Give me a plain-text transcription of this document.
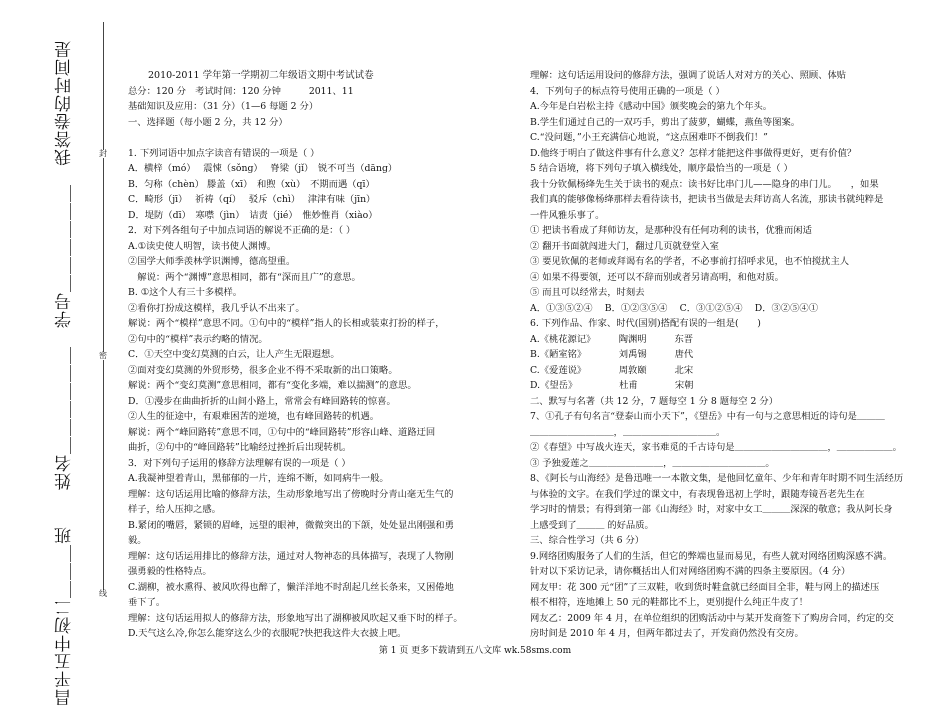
封
密
线
昌平五中初二＿＿＿班　　姓名＿＿＿＿＿＿　学号＿＿＿＿＿＿　我答卷的时间是	2010-2011 学年第一学期初二年级语文期中考试试卷
总分：120 分　考试时间：120 分钟　　　2011、11
基础知识及应用：（31 分）（1—6 每题 2 分）
一、选择题（每小题 2 分，共 12 分）
1. 下列词语中加点字读音有错误的一项是（ ）
A．横梓（mó）　 震悚（sǒng）　 脊梁（jǐ）　锐不可当（dāng）
B．匀称（chèn） 滕盖（xī）　和煦（xù）　不期而遇（qī）
C．畸形（jī）　 祈祷（qí）　 驳斥（chì）　 津津有味（jīn）
D．堤防（dī）　寒噤（jìn）　诘责（jié）　惟妙惟肖（xiào）
2．对下列各组句子中加点词语的解说不正确的是：（ ）
A.①读史使人明智，读书使人渊博。
②国学大师季羡林学识渊博，德高望重。
　解说：两个“渊博”意思相同，都有“深而且广”的意思。
B. ①这个人有三十多模样。
②看你打扮成这模样，我几乎认不出来了。
解说：两个“模样”意思不同。①句中的“模样”指人的长相或装束打扮的样子，
②句中的“模样”表示约略的情况。
C．①天空中变幻莫测的白云，让人产生无限遐想。
②面对变幻莫测的外贸形势，很多企业不得不采取新的出口策略。
解说：两个“变幻莫测”意思相同，都有“变化多端，难以揣测”的意思。
D．①漫步在曲曲折折的山间小路上，常常会有峰回路转的惊喜。
②人生的征途中，有艰难困苦的逆境，也有峰回路转的机遇。
解说：两个“峰回路转”意思不同，①句中的“峰回路转”形容山峰、道路迂回
曲折，②句中的“峰回路转”比喻经过挫折后出现转机。
3．对下列句子运用的修辞方法理解有误的一项是（ ）
A.我凝神望着青山，黑郁郁的一片，连绵不断，如同病牛一般。
理解：这句话运用比喻的修辞方法，生动形象地写出了傍晚时分青山毫无生气的
样子，给人压抑之感。
B.紧闭的嘴唇，紧锁的眉峰，远望的眼神，微微突出的下颌，处处显出刚强和勇
毅。
理解：这句话运用排比的修辞方法，通过对人物神态的具体描写，表现了人物刚
强勇毅的性格特点。
C.湖柳，被水熏得、被风吹得也醉了，懒洋洋地不时刮起几丝长条来，又困倦地
垂下了。
理解：这句话运用拟人的修辞方法，形象地写出了湖柳被风吹起又垂下时的样子。
D.天气这么冷,你怎么能穿这么少的衣服呢?快把我这件大衣披上吧。
理解：这句话运用设问的修辞方法，强调了说话人对对方的关心、照顾、体贴
4．下列句子的标点符号使用正确的一项是（ ）
A.今年是白岩松主持《感动中国》颁奖晚会的第九个年头。
B.学生们通过自己的一双巧手，剪出了菠萝，蝴蝶，燕鱼等图案。
C.“没问题，”小王充满信心地说，“这点困难吓不倒我们！”
D.他终于明白了做这件事有什么意义？怎样才能把这件事做得更好，更有价值？
5 结合语境，将下列句子填入横线处，顺序最恰当的一项是（ ）
我十分钦佩杨绛先生关于读书的观点：读书好比串门儿——隐身的串门儿。　　，如果
我们真的能够像杨绛那样去看待读书，把读书当做是去拜访高人名流，那读书就纯粹是
一件风雅乐事了。
① 把读书看成了拜师访友，是那种没有任何功利的读书，优雅而闲适
② 翻开书面就闯进大门，翻过几页就登堂入室
③ 要见钦佩的老师或拜谒有名的学者，不必事前打招呼求见，也不怕搅扰主人
④ 如果不得要领，还可以不辞而别或者另请高明，和他对质。
⑤ 而且可以经常去，时刻去
A．①③⑤②④　 B．①②③⑤④　 C．③①②⑤④　 D．③②⑤④①
6. 下列作品、作家、时代(国别)搭配有误的一组是(　　)
A.《桃花源记》　　　陶渊明　　　东晋
B.《陋室铭》　　　　刘禹锡　　　唐代
C.《爱莲说》　　　　周敦颐　　　北宋
D.《望岳》　　　　　杜甫　　　　宋朝
二、默写与名著（共 12 分，7 题每空 1 分 8 题每空 2 分）
7、①孔子有句名言“登泰山而小天下”，《望岳》中有一句与之意思相近的诗句是＿＿＿
＿＿＿＿＿＿＿＿＿，＿＿＿＿＿＿＿＿＿＿。
②《春望》中写战火连天，家书难觅的千古诗句是＿＿＿＿＿＿＿＿＿＿，＿＿＿＿＿＿。
③ 予独爱莲之＿＿＿＿＿＿＿＿，＿＿＿＿＿＿＿＿＿＿。
8、《阿长与山海经》是鲁迅唯一一本散文集，是他回忆童年、少年和青年时期不同生活经历
与体验的文字。在我们学过的课文中，有表现鲁迅初上学时，跟随寿镜吾老先生在
学习时的情景；有得到第一部《山海经》时，对家中女工＿＿＿深深的敬意；我从阿长身
上感受到了＿＿＿ 的好品质。
三、综合性学习（共 6 分）
9.网络团购服务了人们的生活，但它的弊端也显而易见，有些人就对网络团购深感不满。
针对以下采访记录，请你概括出人们对网络团购不满的四条主要原因。（4 分）
网友甲：花 300 元“团”了三双鞋，收到货时鞋盒就已经面目全非，鞋与网上的描述压
根不相符，连地摊上 50 元的鞋都比不上，更别提什么纯正牛皮了！
网友乙：2009 年 4 月，在单位组织的团购活动中与某开发商签下了购房合同，约定的交
房时间是 2010 年 4 月，但两年都过去了，开发商仍然没有交房。
第 1 页 更多下载请到五八文库 wk.58sms.com
